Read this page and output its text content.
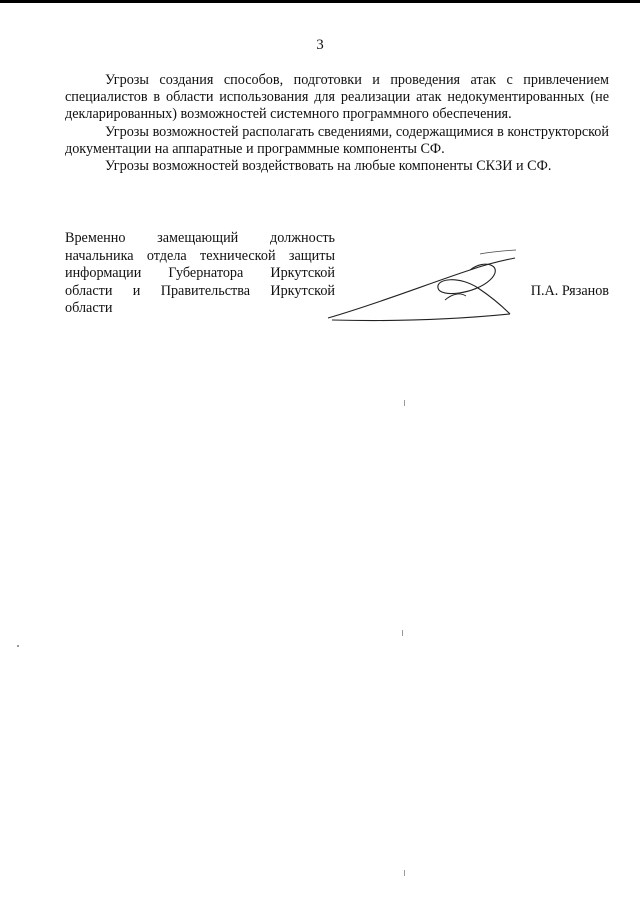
3

Угрозы создания способов, подготовки и проведения атак с привлечением специалистов в области использования для реализации атак недокументированных (не декларированных) возможностей системного программного обеспечения.

Угрозы возможностей располагать сведениями, содержащимися в конструкторской документации на аппаратные и программные компоненты СФ.

Угрозы возможностей воздействовать на любые компоненты СКЗИ и СФ.

Временно замещающий должность
начальника отдела технической защиты
информации Губернатора Иркутской
области и Правительства Иркутской
области
П.А. Рязанов
